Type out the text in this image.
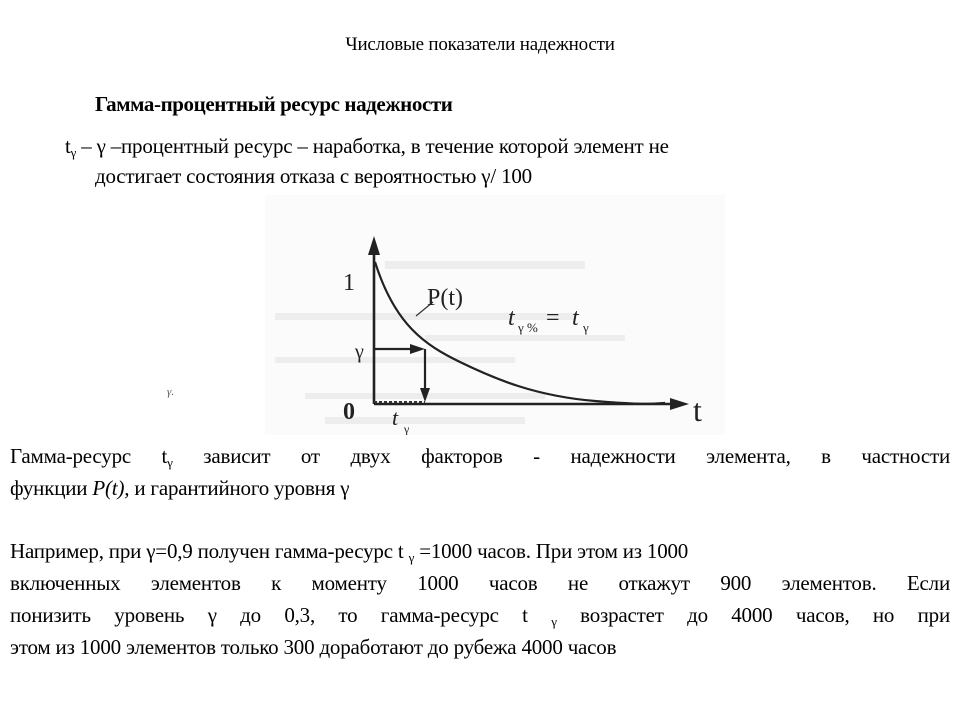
Числовые показатели надежности
Гамма-процентный ресурс надежности
$t_\gamma$ – γ –процентный ресурс – наработка, в течение которой элемент не
достигает состояния отказа с вероятностью γ/ 100
1
γ
0
P(t)
t
t γ
t γ % = t γ
γ.
Гамма-ресурс $t_\gamma$ зависит от двух факторов - надежности элемента, в частности
функции P(t), и гарантийного уровня γ
Например, при γ=0,9 получен гамма-ресурс t $_\gamma$ =1000 часов. При этом из 1000
включенных элементов к моменту 1000 часов не откажут 900 элементов. Если
понизить уровень γ до 0,3, то гамма-ресурс t $_\gamma$ возрастет до 4000 часов, но при
этом из 1000 элементов только 300 доработают до рубежа 4000 часов
